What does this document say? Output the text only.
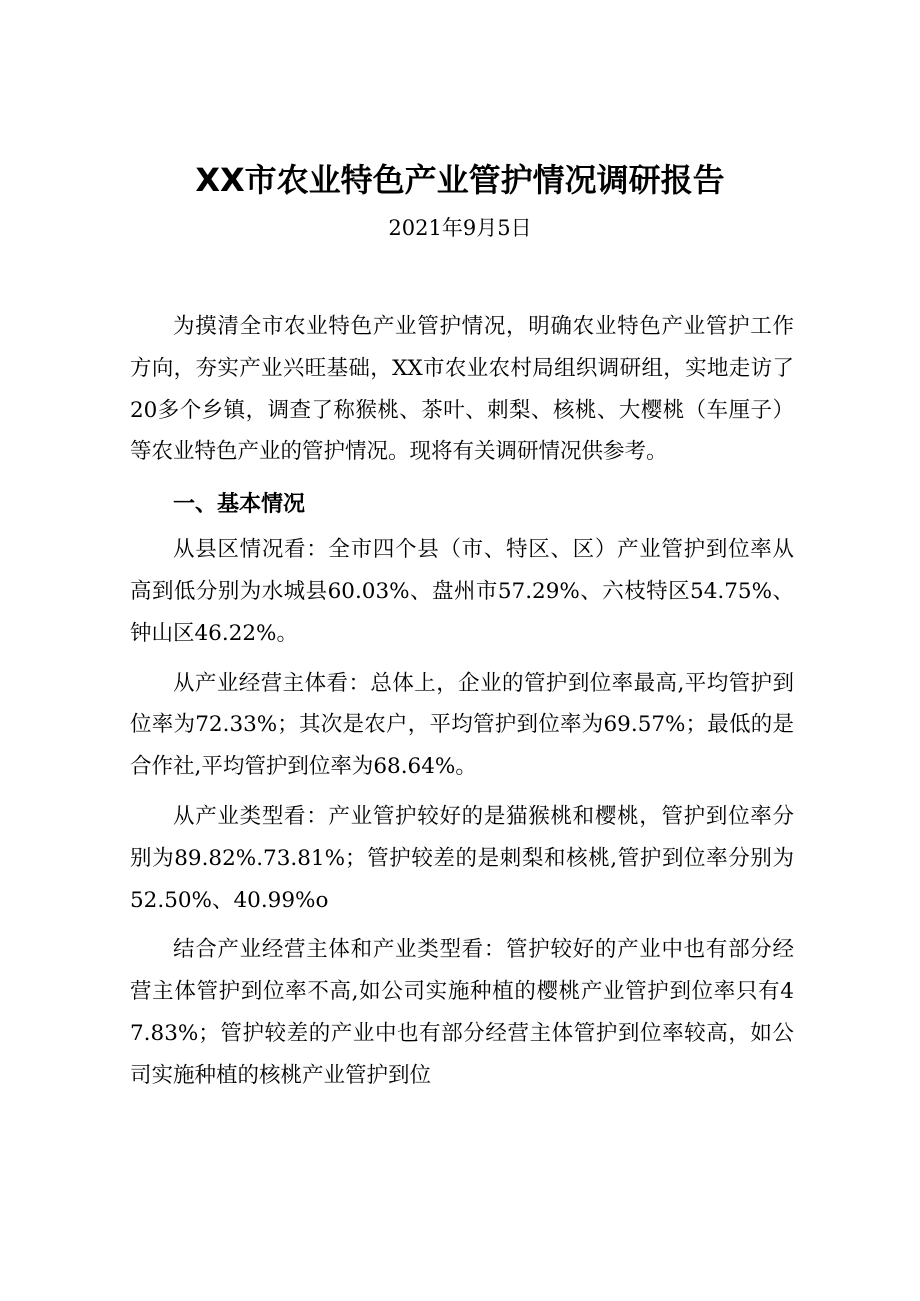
XX市农业特色产业管护情况调研报告
2021年9月5日

为摸清全市农业特色产业管护情况，明确农业特色产业管护工作方向，夯实产业兴旺基础，XX市农业农村局组织调研组，实地走访了20多个乡镇，调查了称猴桃、茶叶、刺梨、核桃、大樱桃（车厘子）等农业特色产业的管护情况。现将有关调研情况供参考。

一、基本情况

从县区情况看：全市四个县（市、特区、区）产业管护到位率从高到低分别为水城县60.03%、盘州市57.29%、六枝特区54.75%、钟山区46.22%。

从产业经营主体看：总体上，企业的管护到位率最高,平均管护到位率为72.33%；其次是农户，平均管护到位率为69.57%；最低的是合作社,平均管护到位率为68.64%。

从产业类型看：产业管护较好的是猫猴桃和樱桃，管护到位率分别为89.82%.73.81%；管护较差的是刺梨和核桃,管护到位率分别为52.50%、40.99%o

结合产业经营主体和产业类型看：管护较好的产业中也有部分经营主体管护到位率不高,如公司实施种植的樱桃产业管护到位率只有47.83%；管护较差的产业中也有部分经营主体管护到位率较高，如公司实施种植的核桃产业管护到位
